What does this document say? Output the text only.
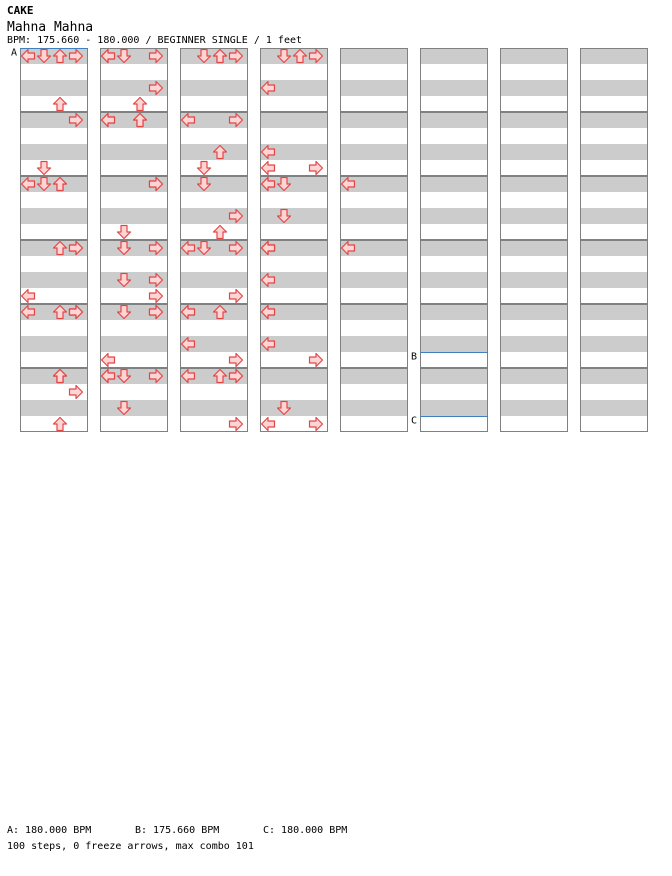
CAKE
Mahna Mahna
BPM: 175.660 - 180.000 / BEGINNER SINGLE / 1 feet
A
B
C
A: 180.000 BPM	B: 175.660 BPM	C: 180.000 BPM
100 steps, 0 freeze arrows, max combo 101
